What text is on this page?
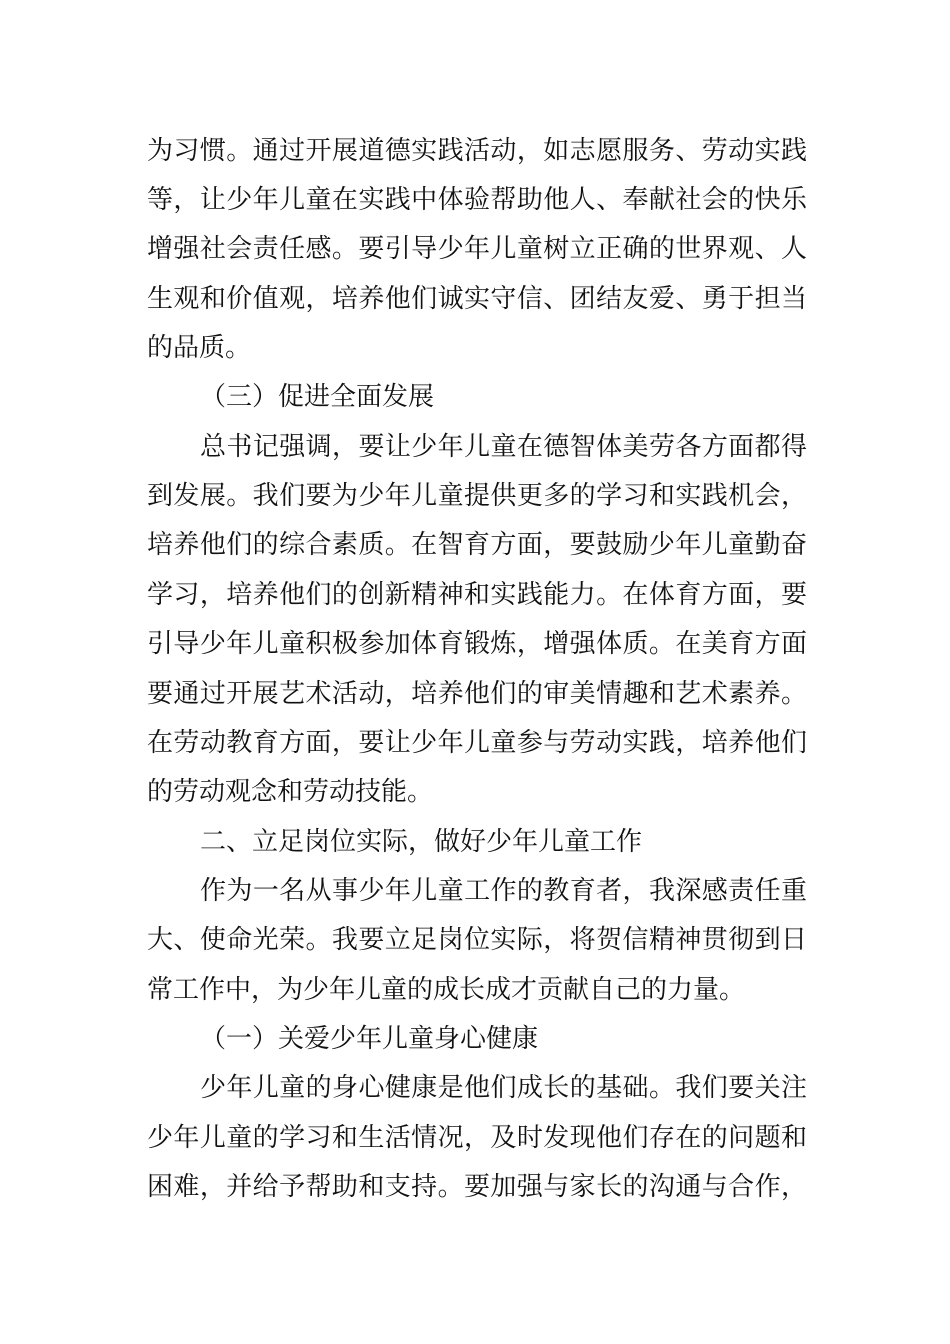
为习惯。通过开展道德实践活动，如志愿服务、劳动实践
等，让少年儿童在实践中体验帮助他人、奉献社会的快乐
增强社会责任感。要引导少年儿童树立正确的世界观、人
生观和价值观，培养他们诚实守信、团结友爱、勇于担当
的品质。
（三）促进全面发展
总书记强调，要让少年儿童在德智体美劳各方面都得
到发展。我们要为少年儿童提供更多的学习和实践机会，
培养他们的综合素质。在智育方面，要鼓励少年儿童勤奋
学习，培养他们的创新精神和实践能力。在体育方面，要
引导少年儿童积极参加体育锻炼，增强体质。在美育方面
要通过开展艺术活动，培养他们的审美情趣和艺术素养。
在劳动教育方面，要让少年儿童参与劳动实践，培养他们
的劳动观念和劳动技能。
二、立足岗位实际，做好少年儿童工作
作为一名从事少年儿童工作的教育者，我深感责任重
大、使命光荣。我要立足岗位实际，将贺信精神贯彻到日
常工作中，为少年儿童的成长成才贡献自己的力量。
（一）关爱少年儿童身心健康
少年儿童的身心健康是他们成长的基础。我们要关注
少年儿童的学习和生活情况，及时发现他们存在的问题和
困难，并给予帮助和支持。要加强与家长的沟通与合作，
